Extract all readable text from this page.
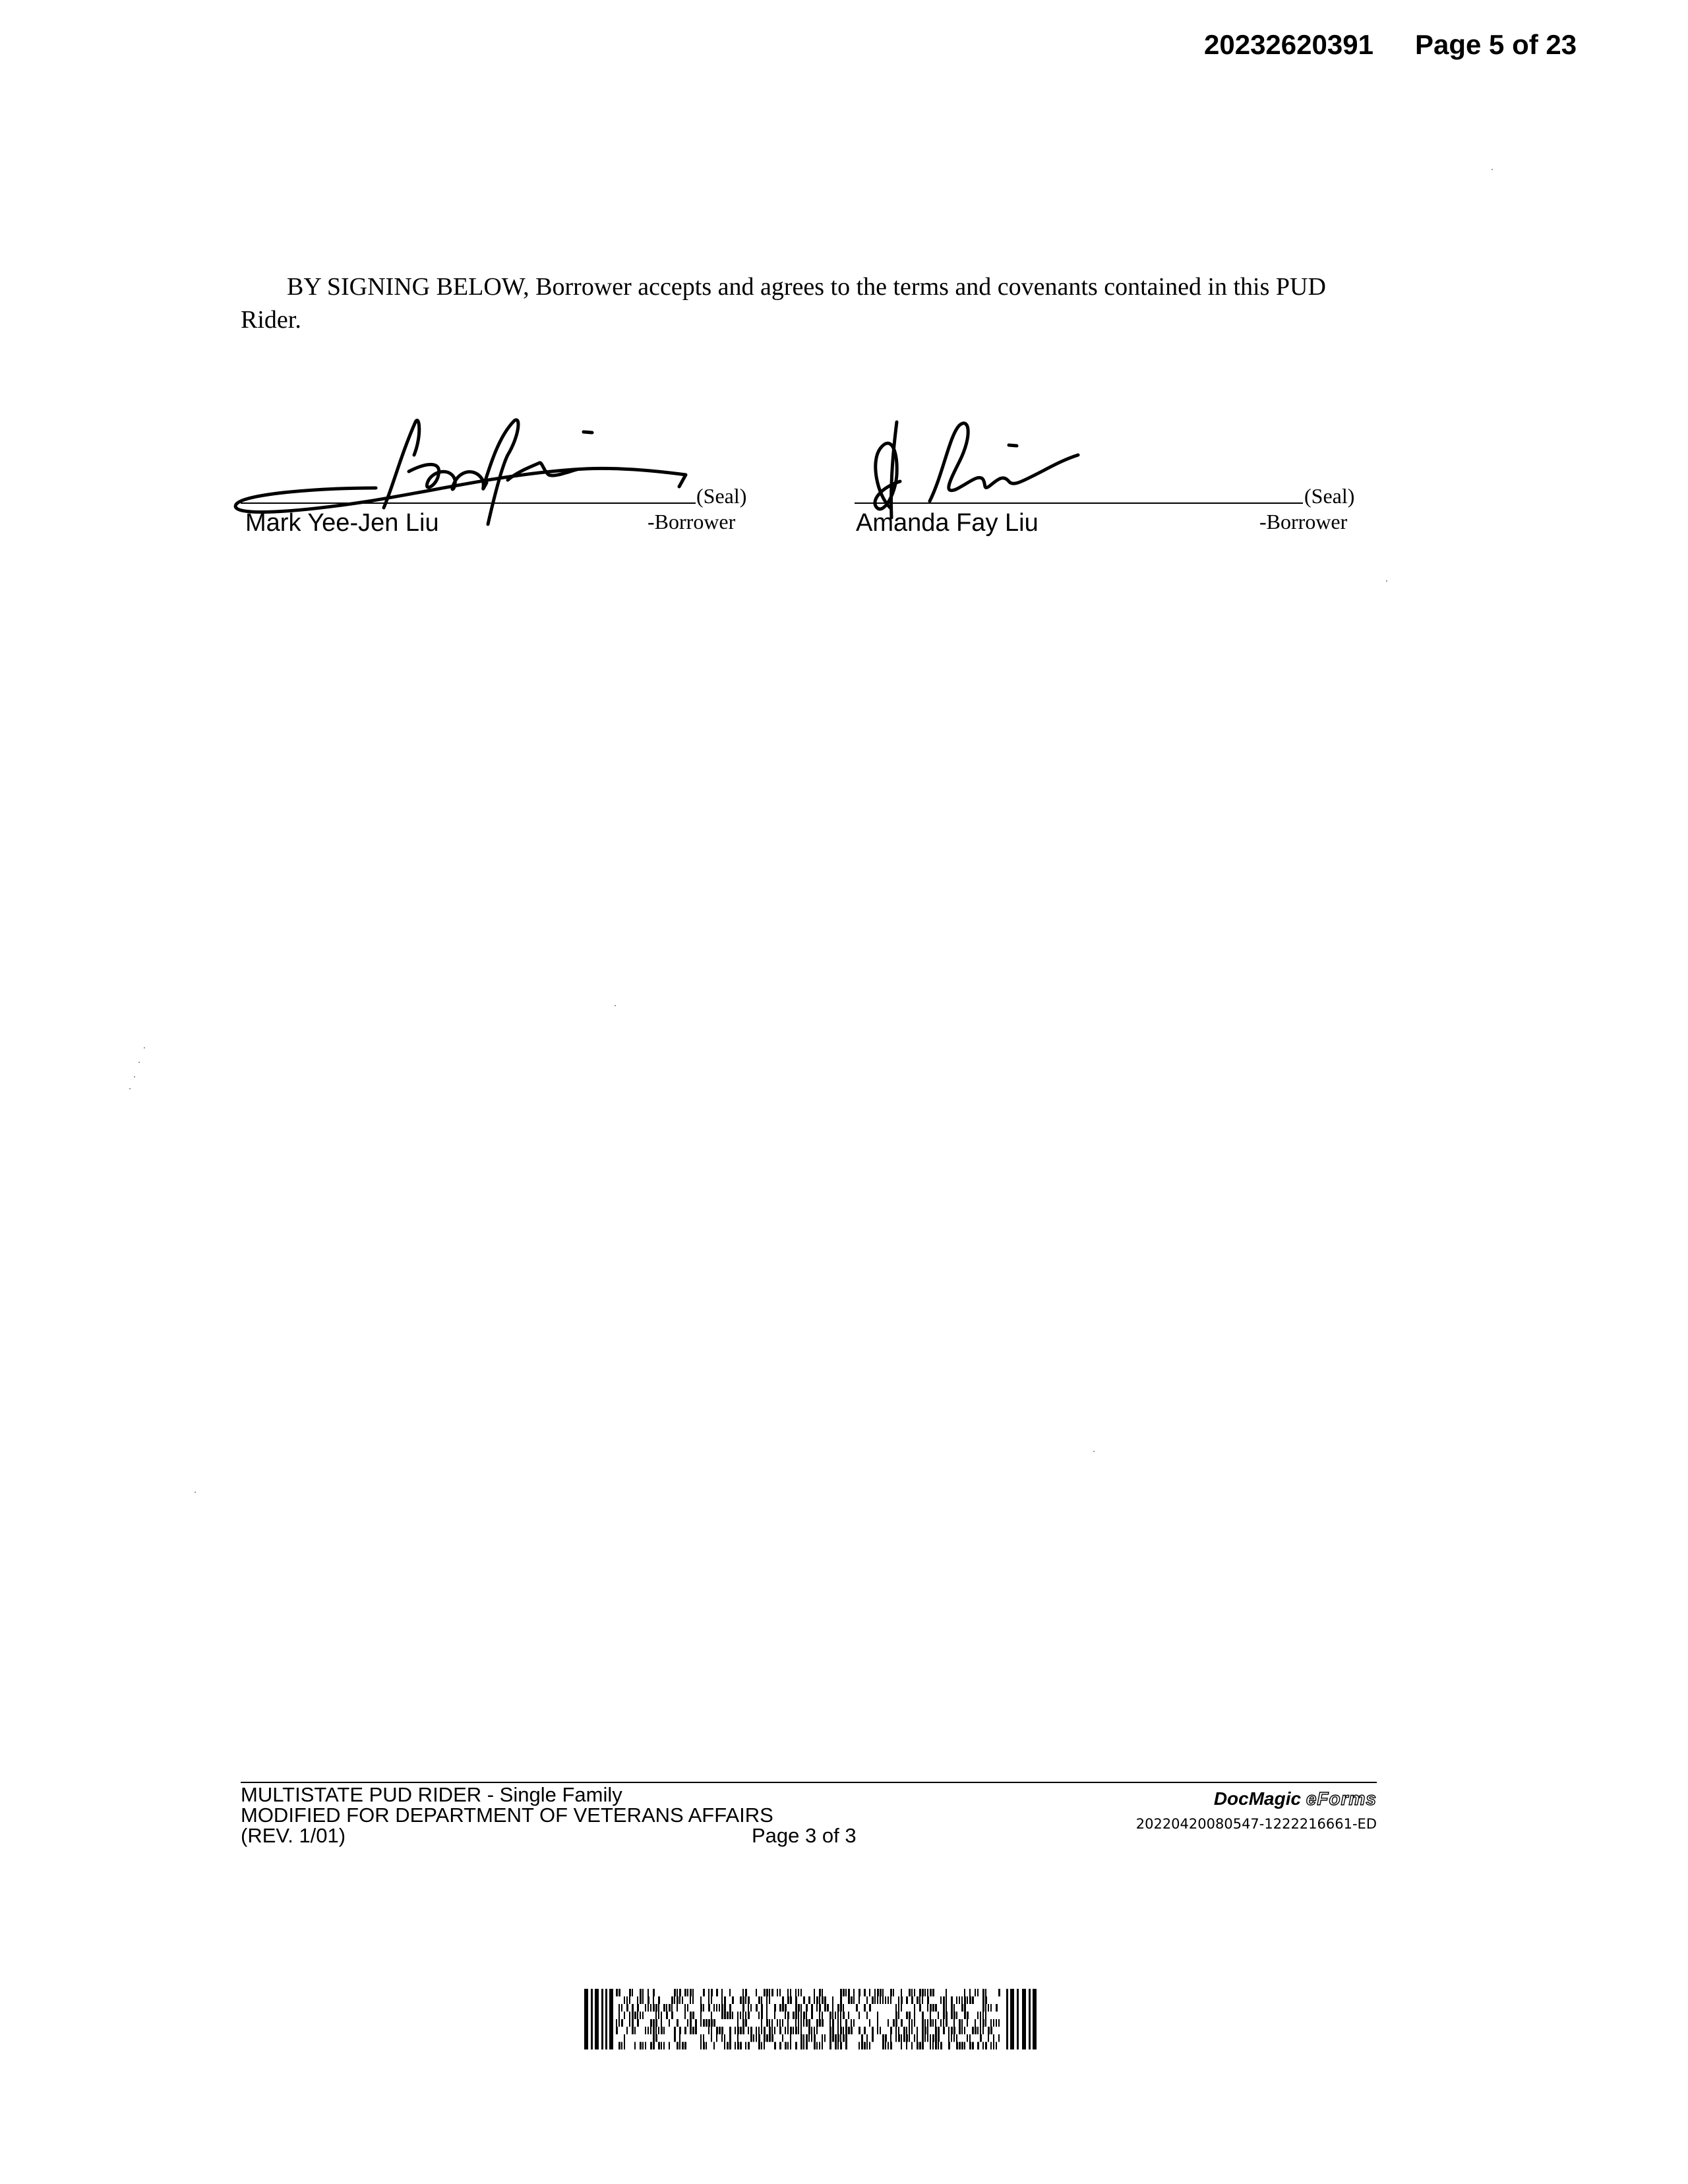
20232620391 Page 5 of 23
BY SIGNING BELOW, Borrower accepts and agrees to the terms and covenants contained in this PUD Rider.
(Seal)
Mark Yee-Jen Liu	-Borrower
(Seal)
Amanda Fay Liu	-Borrower
MULTISTATE PUD RIDER - Single Family
MODIFIED FOR DEPARTMENT OF VETERANS AFFAIRS
(REV. 1/01)	Page 3 of 3
DocMagic eForms
20220420080547-1222216661-ED
